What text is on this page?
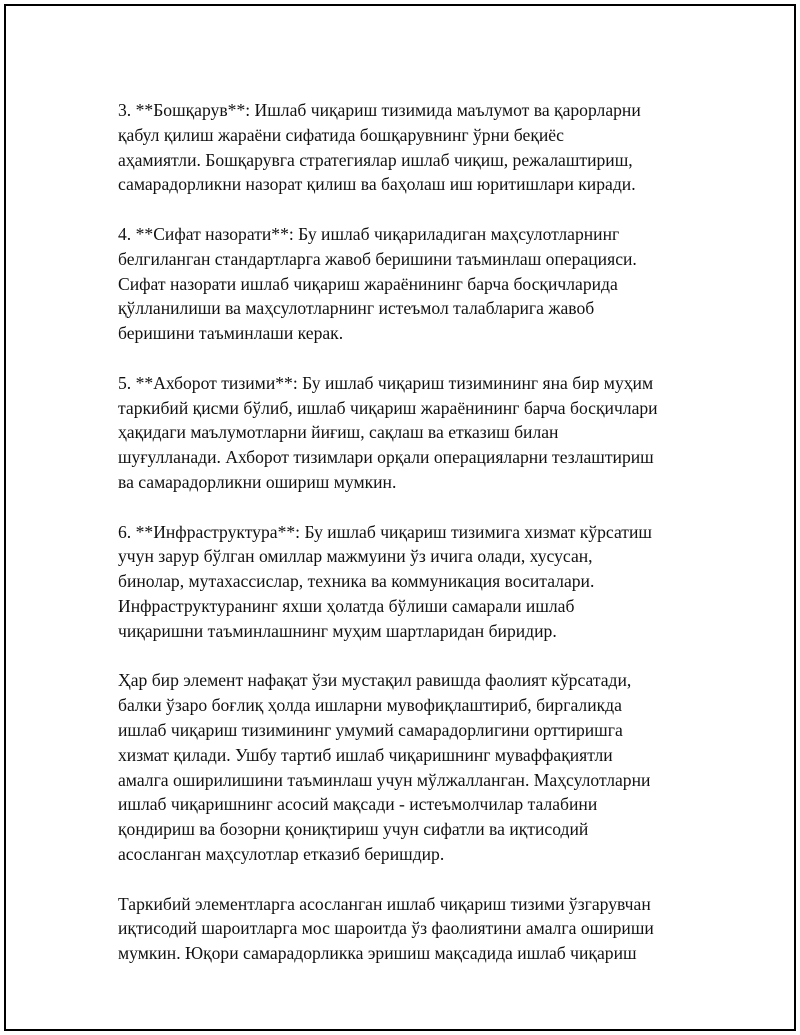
3. **Бошқарув**: Ишлаб чиқариш тизимида маълумот ва қарорларни
қабул қилиш жараёни сифатида бошқарувнинг ўрни беқиёс
аҳамиятли. Бошқарувга стратегиялар ишлаб чиқиш, режалаштириш,
самарадорликни назорат қилиш ва баҳолаш иш юритишлари киради.

4. **Сифат назорати**: Бу ишлаб чиқариладиган маҳсулотларнинг
белгиланган стандартларга жавоб беришини таъминлаш операцияси.
Сифат назорати ишлаб чиқариш жараёнининг барча босқичларида
қўлланилиши ва маҳсулотларнинг истеъмол талабларига жавоб
беришини таъминлаши керак.

5. **Ахборот тизими**: Бу ишлаб чиқариш тизимининг яна бир муҳим
таркибий қисми бўлиб, ишлаб чиқариш жараёнининг барча босқичлари
ҳақидаги маълумотларни йиғиш, сақлаш ва етказиш билан
шуғулланади. Ахборот тизимлари орқали операцияларни тезлаштириш
ва самарадорликни ошириш мумкин.

6. **Инфраструктура**: Бу ишлаб чиқариш тизимига хизмат кўрсатиш
учун зарур бўлган омиллар мажмуини ўз ичига олади, хусусан,
бинолар, мутахассислар, техника ва коммуникация воситалари.
Инфраструктуранинг яхши ҳолатда бўлиши самарали ишлаб
чиқаришни таъминлашнинг муҳим шартларидан биридир.

Ҳар бир элемент нафақат ўзи мустақил равишда фаолият кўрсатади,
балки ўзаро боғлиқ ҳолда ишларни мувофиқлаштириб, биргаликда
ишлаб чиқариш тизимининг умумий самарадорлигини орттиришга
хизмат қилади. Ушбу тартиб ишлаб чиқаришнинг муваффақиятли
амалга оширилишини таъминлаш учун мўлжалланган. Маҳсулотларни
ишлаб чиқаришнинг асосий мақсади - истеъмолчилар талабини
қондириш ва бозорни қониқтириш учун сифатли ва иқтисодий
асосланган маҳсулотлар етказиб беришдир.

Таркибий элементларга асосланган ишлаб чиқариш тизими ўзгарувчан
иқтисодий шароитларга мос шароитда ўз фаолиятини амалга ошириши
мумкин. Юқори самарадорликка эришиш мақсадида ишлаб чиқариш
